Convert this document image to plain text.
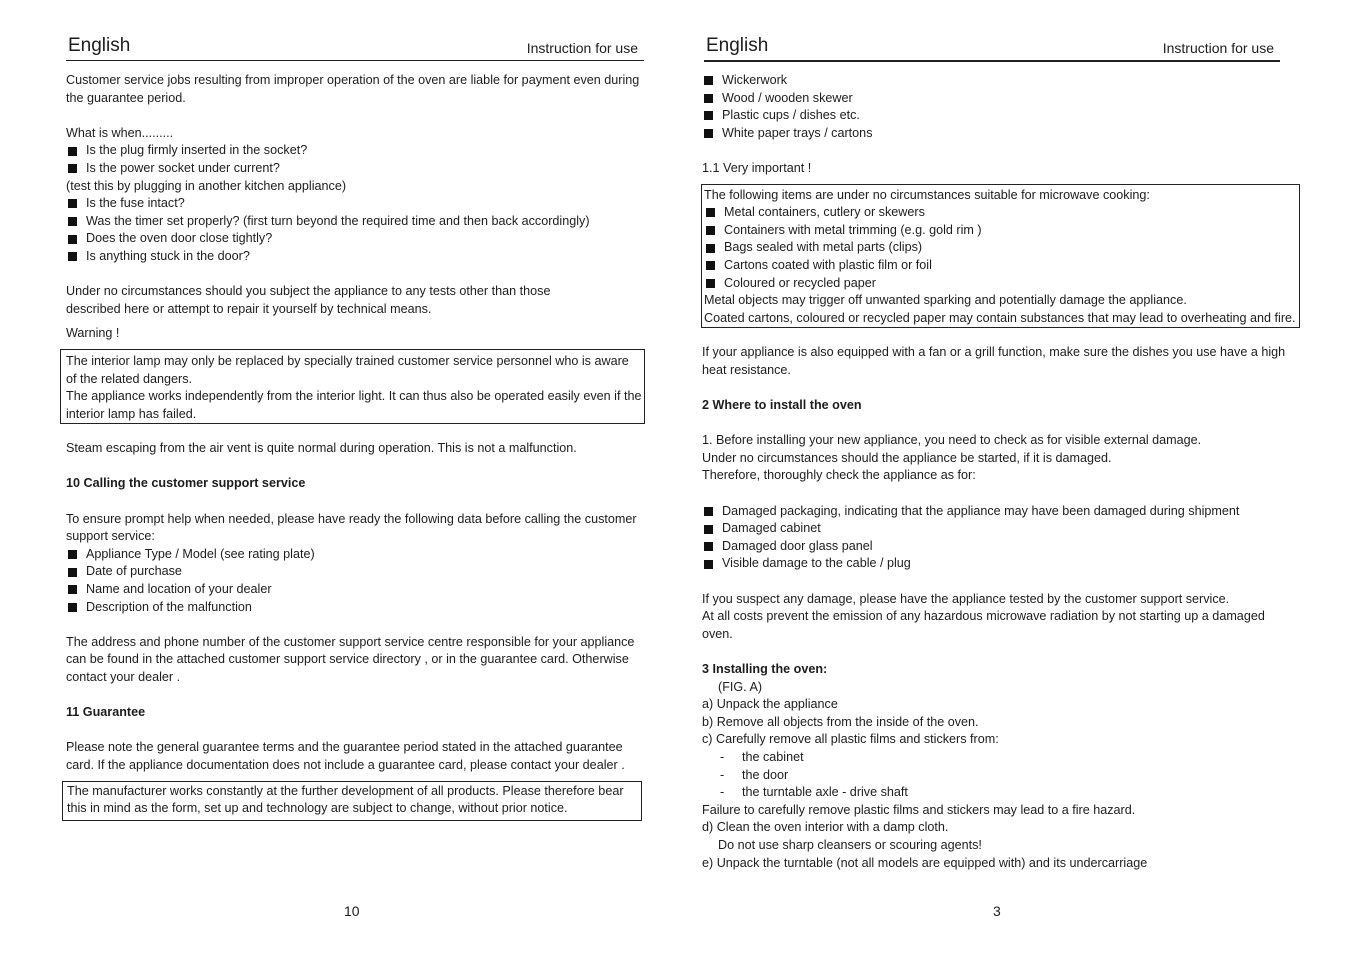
English	Instruction for use

Customer service jobs resulting from improper operation of the oven are liable for payment even during the guarantee period.

What is when.........

Is the plug firmly inserted in the socket?
Is the power socket under current?

(test this by plugging in another kitchen appliance)

Is the fuse intact?
Was the timer set properly? (first turn beyond the required time and then back accordingly)
Does the oven door close tightly?
Is anything stuck in the door?

Under no circumstances should you subject the appliance to any tests other than those described here or attempt to repair it yourself by technical means.

Warning !

The interior lamp may only be replaced by specially trained customer service personnel who is aware of the related dangers.

The appliance works independently from the interior light. It can thus also be operated easily even if the interior lamp has failed.

Steam escaping from the air vent is quite normal during operation. This is not a malfunction.

10 Calling the customer support service

To ensure prompt help when needed, please have ready the following data before calling the customer support service:

Appliance Type / Model (see rating plate)
Date of purchase
Name and location of your dealer
Description of the malfunction

The address and phone number of the customer support service centre responsible for your appliance can be found in the attached customer support service directory , or in the guarantee card. Otherwise contact your dealer .

11 Guarantee

Please note the general guarantee terms and the guarantee period stated in the attached guarantee card. If the appliance documentation does not include a guarantee card, please contact your dealer .

The manufacturer works constantly at the further development of all products. Please therefore bear this in mind as the form, set up and technology are subject to change, without prior notice.

10
English	Instruction for use
Wickerwork
Wood / wooden skewer
Plastic cups / dishes etc.
White paper trays / cartons

1.1 Very important !

The following items are under no circumstances suitable for microwave cooking:

Metal containers, cutlery or skewers
Containers with metal trimming (e.g. gold rim )
Bags sealed with metal parts (clips)
Cartons coated with plastic film or foil
Coloured or recycled paper

Metal objects may trigger off unwanted sparking and potentially damage the appliance.

Coated cartons, coloured or recycled paper may contain substances that may lead to overheating and fire.

If your appliance is also equipped with a fan or a grill function, make sure the dishes you use have a high heat resistance.

2 Where to install the oven

1. Before installing your new appliance, you need to check as for visible external damage.

Under no circumstances should the appliance be started, if it is damaged.

Therefore, thoroughly check the appliance as for:

Damaged packaging, indicating that the appliance may have been damaged during shipment
Damaged cabinet
Damaged door glass panel
Visible damage to the cable / plug

If you suspect any damage, please have the appliance tested by the customer support service.

At all costs prevent the emission of any hazardous microwave radiation by not starting up a damaged oven.

3 Installing the oven:

(FIG. A)

a) Unpack the appliance

b) Remove all objects from the inside of the oven.

c) Carefully remove all plastic films and stickers from:

- the cabinet

- the door

- the turntable axle - drive shaft

Failure to carefully remove plastic films and stickers may lead to a fire hazard.

d) Clean the oven interior with a damp cloth.

Do not use sharp cleansers or scouring agents!

e) Unpack the turntable (not all models are equipped with) and its undercarriage

3
